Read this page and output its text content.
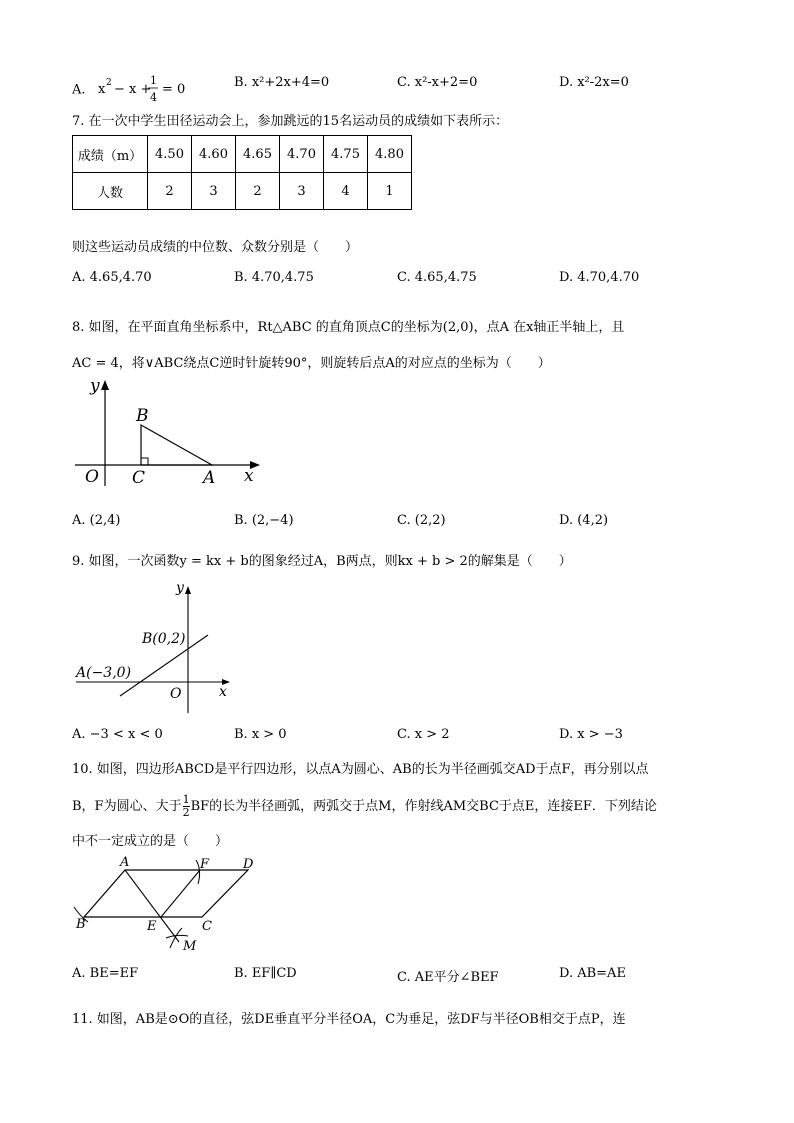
A. x 2 − x +
1
4
= 0	B. x²+2x+4=0	C. x²-x+2=0	D. x²-2x=0
7. 在一次中学生田径运动会上，参加跳远的15名运动员的成绩如下表所示：
成绩（m）	4.50	4.60	4.65	4.70	4.75	4.80
人数	2	3	2	3	4	1
则这些运动员成绩的中位数、众数分别是（　　）
A. 4.65,4.70	B. 4.70,4.75	C. 4.65,4.75	D. 4.70,4.70
8. 如图，在平面直角坐标系中，Rt△ABC 的直角顶点C的坐标为(2,0)，点A 在x轴正半轴上，且
AC = 4，将∨ABC绕点C逆时针旋转90°，则旋转后点A的对应点的坐标为（　　）
y
x
O
B
C	A
A. (2,4)	B. (2,−4)	C. (2,2)	D. (4,2)
9. 如图，一次函数y = kx + b的图象经过A，B两点，则kx + b > 2的解集是（　　）
y
x
O
B(0,2)
A(−3,0)
A. −3 < x < 0	B. x > 0	C. x > 2	D. x > −3
10. 如图，四边形ABCD是平行四边形，以点A为圆心、AB的长为半径画弧交AD于点F，再分别以点
B，F为圆心、大于 $\frac{1}{2}$ BF的长为半径画弧，两弧交于点M，作射线AM交BC于点E，连接EF．下列结论
中不一定成立的是（　　）
A	F	D
B	E	C
M
A. BE=EF	B. EF∥CD	C. AE平分∠BEF	D. AB=AE
11. 如图，AB是⊙O的直径，弦DE垂直平分半径OA，C为垂足，弦DF与半径OB相交于点P，连
